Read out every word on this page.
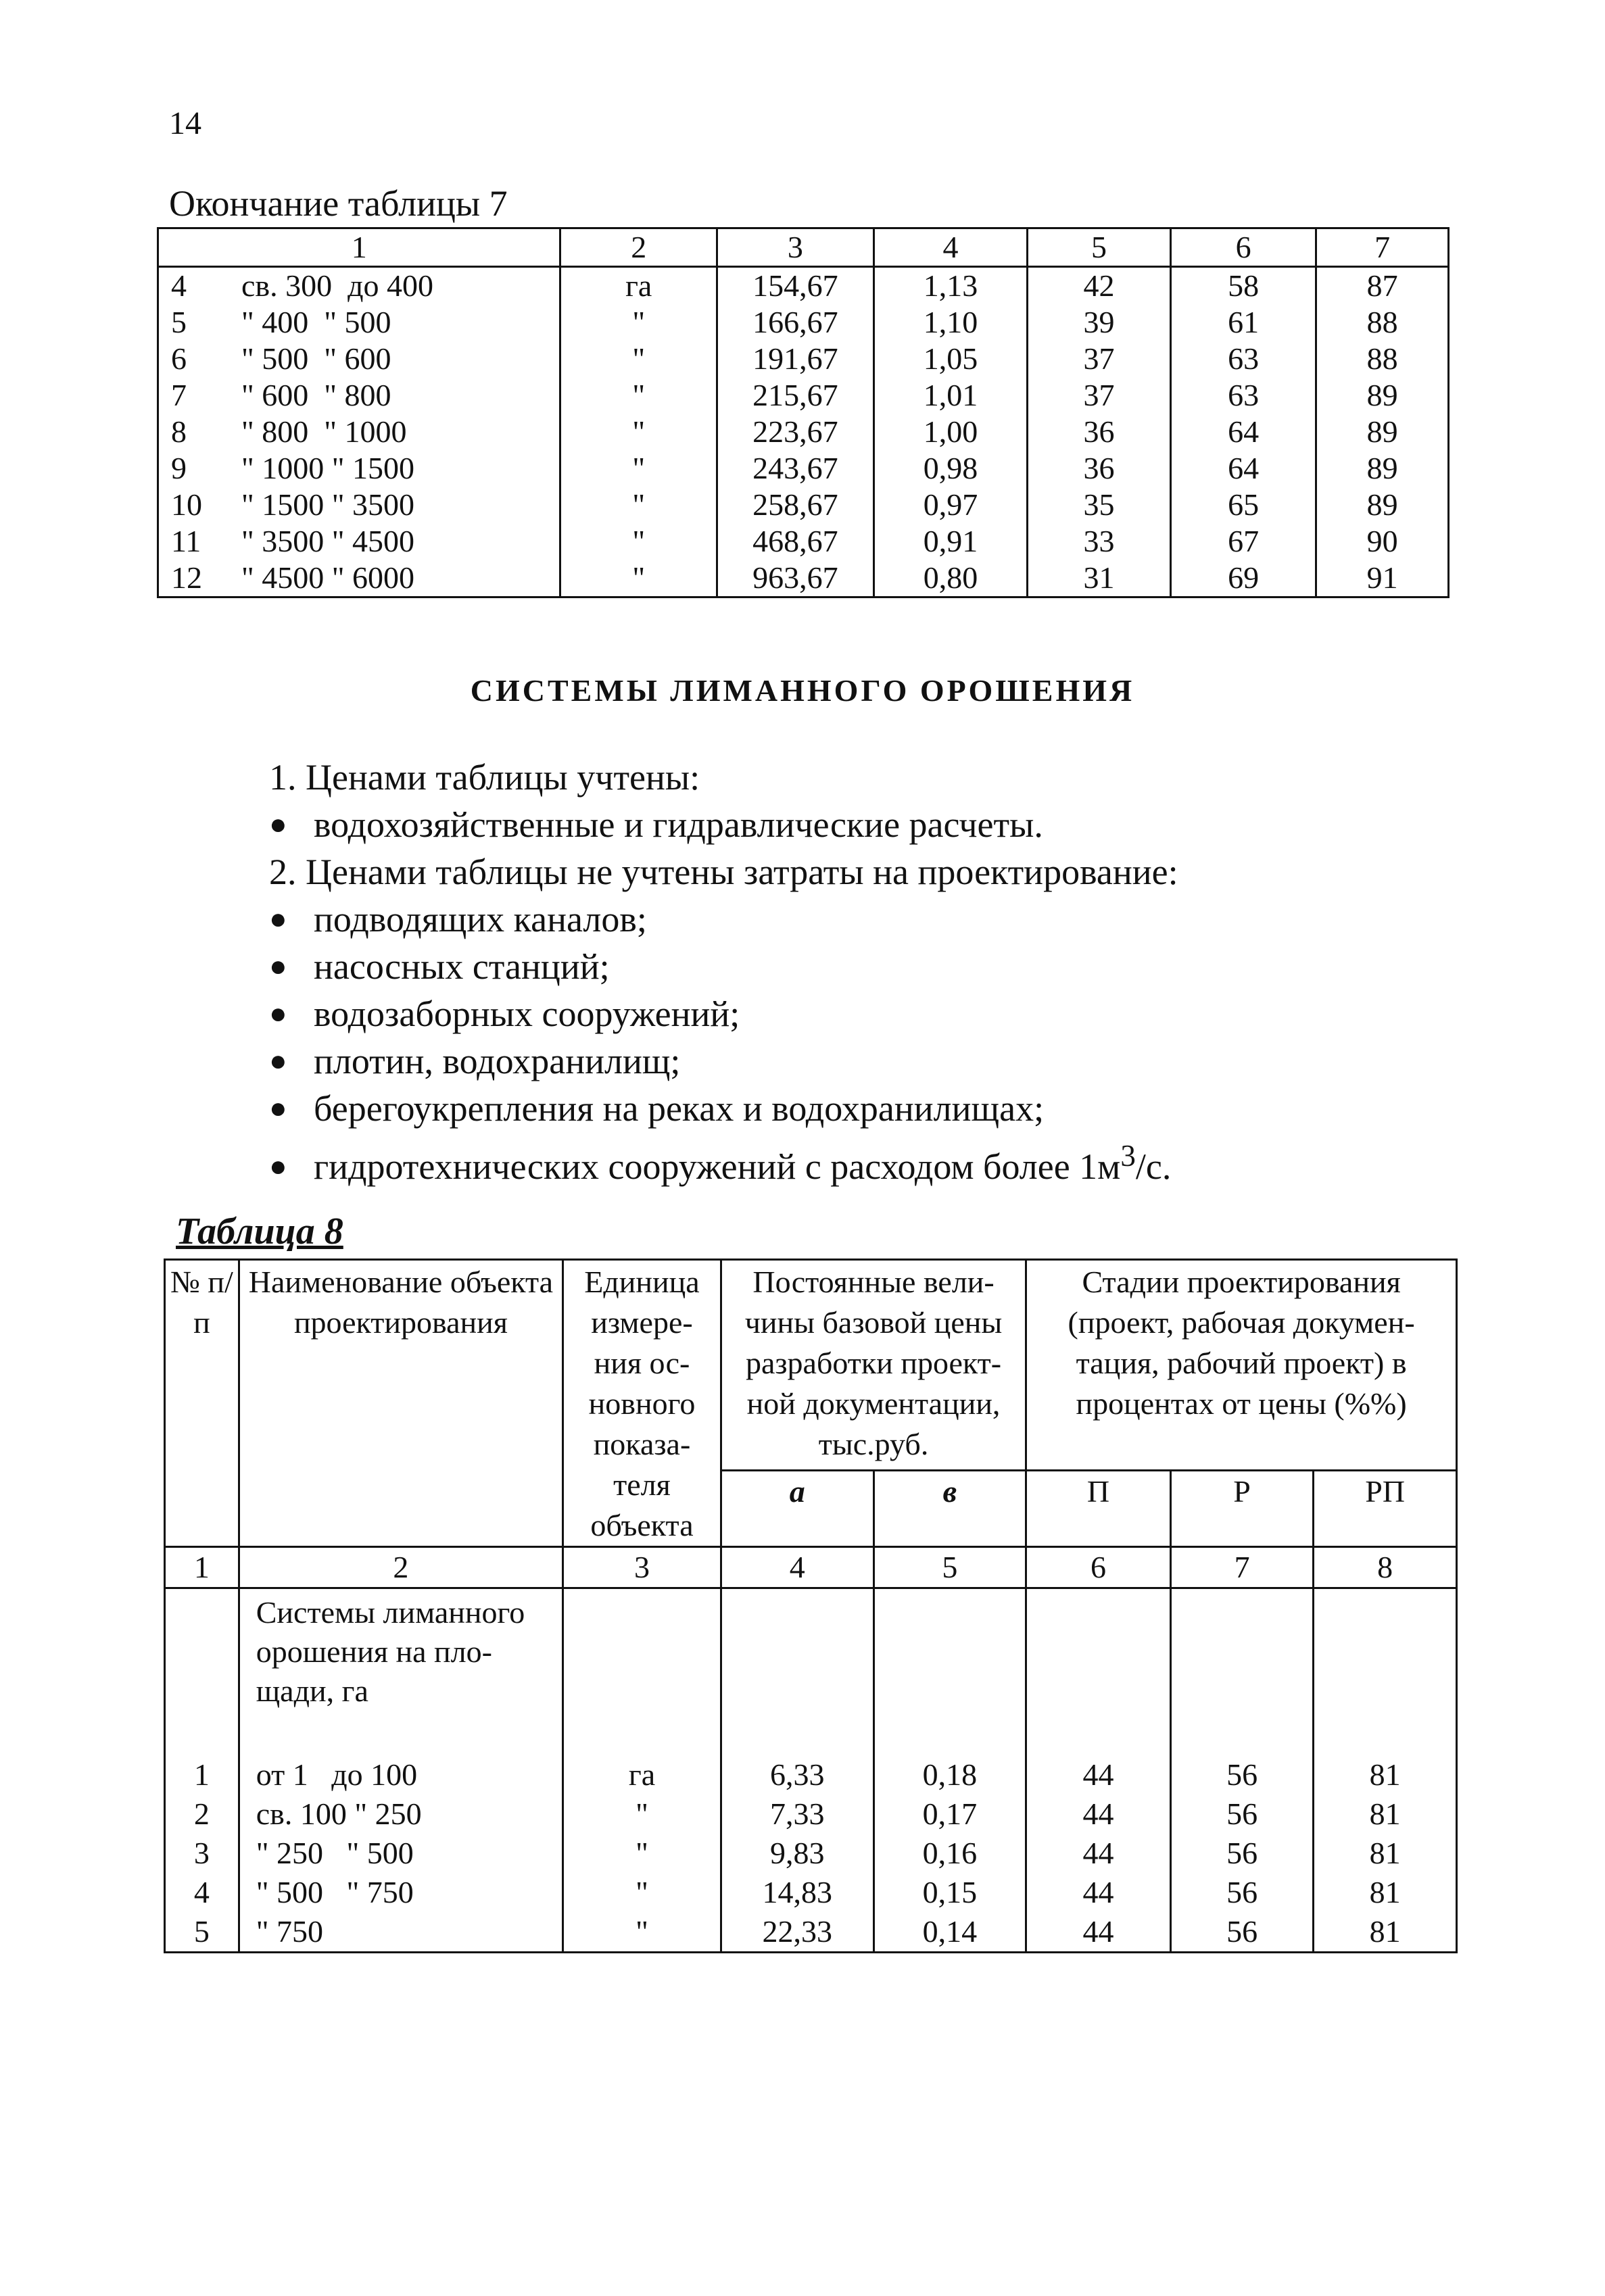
14
Окончание таблицы 7
1	2	3	4	5	6	7
4 св. 300  до 400	га	154,67	1,13	42	58	87
5 " 400  " 500	"	166,67	1,10	39	61	88
6 " 500  " 600	"	191,67	1,05	37	63	88
7 " 600  " 800	"	215,67	1,01	37	63	89
8 " 800  " 1000	"	223,67	1,00	36	64	89
9 " 1000 " 1500	"	243,67	0,98	36	64	89
10 " 1500 " 3500	"	258,67	0,97	35	65	89
11 " 3500 " 4500	"	468,67	0,91	33	67	90
12 " 4500 " 6000	"	963,67	0,80	31	69	91
СИСТЕМЫ ЛИМАННОГО ОРОШЕНИЯ
1. Ценами таблицы учтены:
● водохозяйственные и гидравлические расчеты.
2. Ценами таблицы не учтены затраты на проектирование:
● подводящих каналов;
● насосных станций;
● водозаборных сооружений;
● плотин, водохранилищ;
● берегоукрепления на реках и водохранилищах;
● гидротехнических сооружений с расходом более $1м^3/с$.
Таблица 8
№ п/п	Наименование объекта проектирования	Единица измере- ния ос- новного показа- теля объекта	Постоянные вели- чины базовой цены разработки проект- ной документации, тыс.руб.		Стадии проектирования (проект, рабочая докумен- тация, рабочий проект) в процентах от цены (%%)		
			а	в	П	Р	РП
1	2	3	4	5	6	7	8
	Системы лиманного орошения на пло- щади, га						
1	от 1   до 100	га	6,33	0,18	44	56	81
2	св. 100 " 250	"	7,33	0,17	44	56	81
3	" 250   " 500	"	9,83	0,16	44	56	81
4	" 500   " 750	"	14,83	0,15	44	56	81
5	" 750	"	22,33	0,14	44	56	81
